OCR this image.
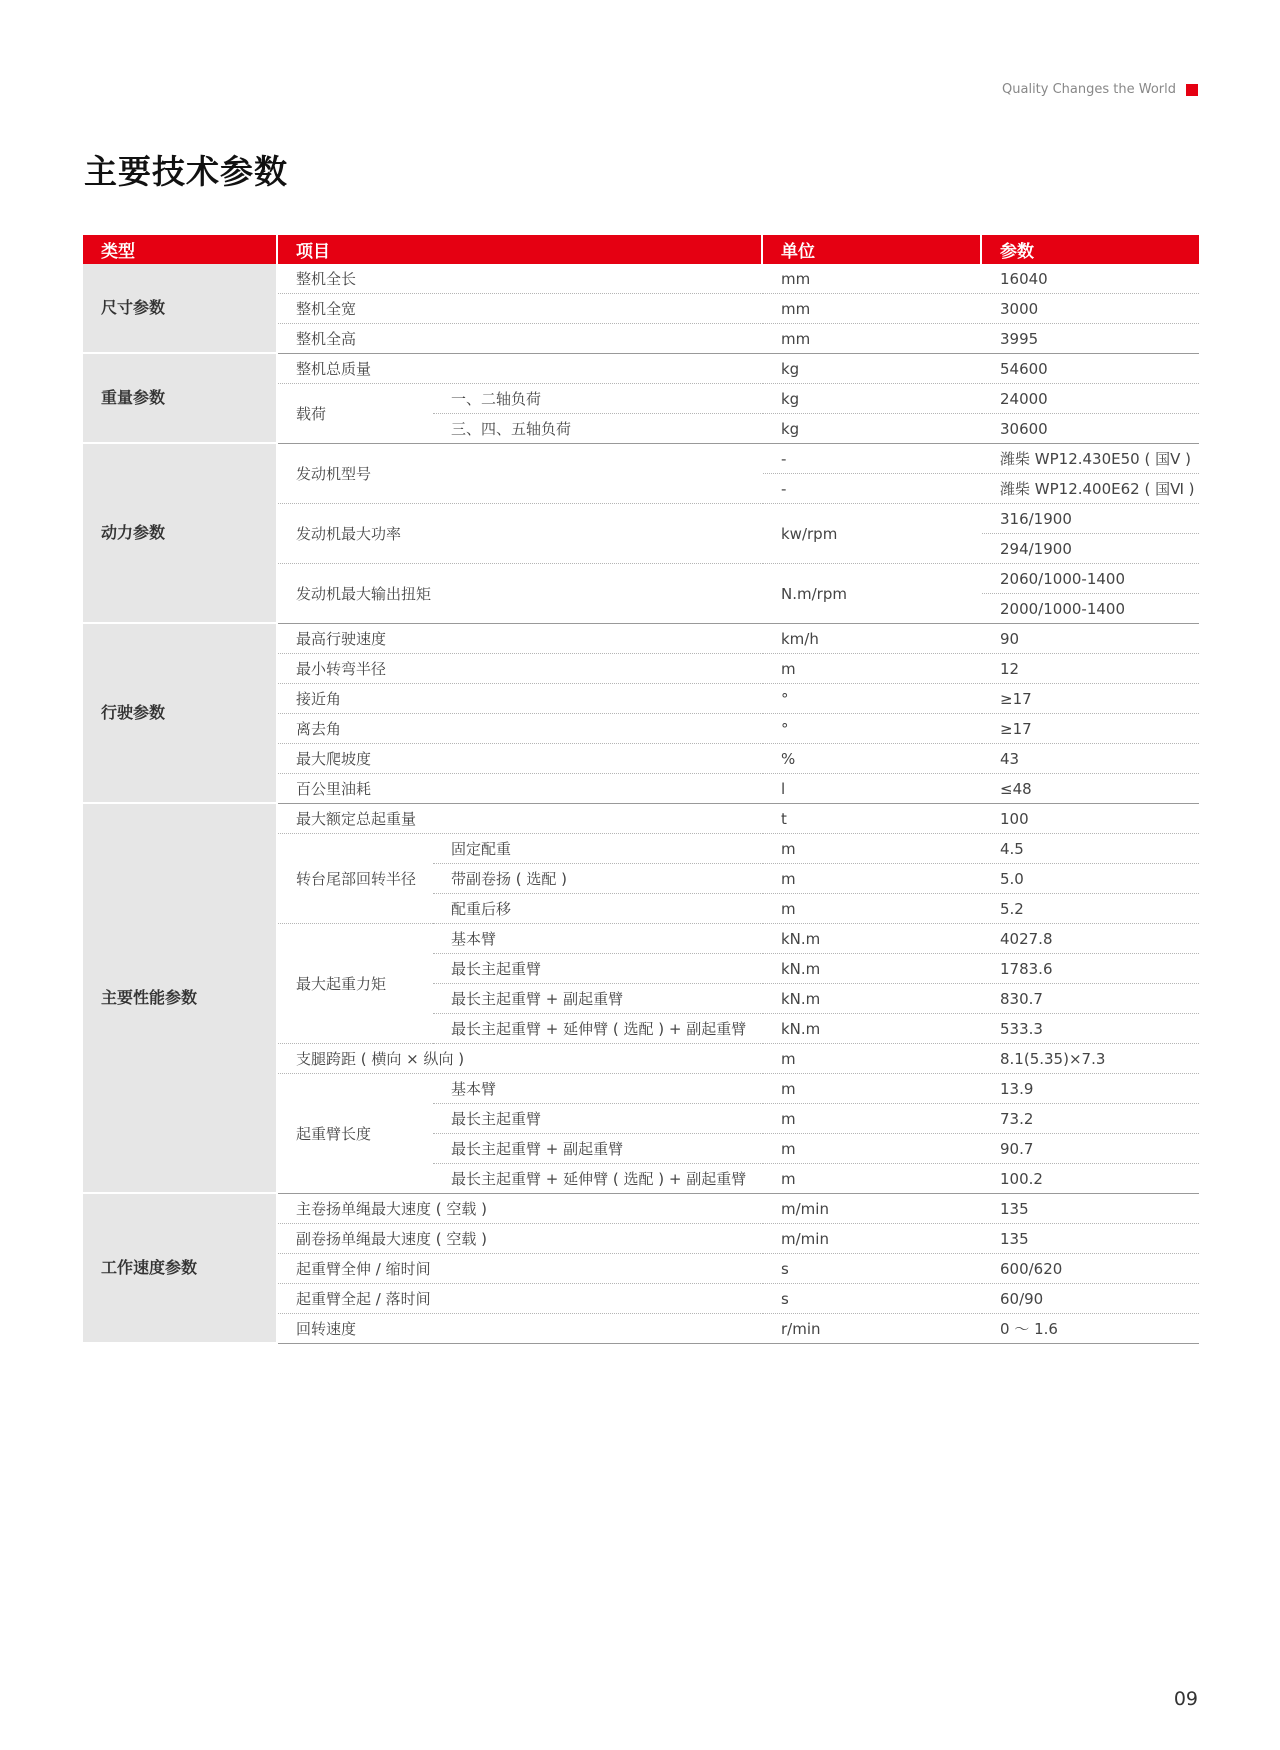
Quality Changes the World
主要技术参数
类型	项目		单位	参数
尺寸参数	整机全长		mm	16040
	整机全宽		mm	3000
	整机全高		mm	3995
重量参数	整机总质量		kg	54600
	载荷	一、二轴负荷	kg	24000
		三、四、五轴负荷	kg	30600
动力参数	发动机型号		-	潍柴 WP12.430E50 ( 国Ⅴ )
			-	潍柴 WP12.400E62 ( 国Ⅵ )
	发动机最大功率		kw/rpm	316/1900
				294/1900
	发动机最大输出扭矩		N.m/rpm	2060/1000-1400
				2000/1000-1400
行驶参数	最高行驶速度		km/h	90
	最小转弯半径		m	12
	接近角		°	≥17
	离去角		°	≥17
	最大爬坡度		%	43
	百公里油耗		l	≤48
主要性能参数	最大额定总起重量		t	100
	转台尾部回转半径	固定配重	m	4.5
		带副卷扬 ( 选配 )	m	5.0
		配重后移	m	5.2
	最大起重力矩	基本臂	kN.m	4027.8
		最长主起重臂	kN.m	1783.6
		最长主起重臂 + 副起重臂	kN.m	830.7
		最长主起重臂 + 延伸臂 ( 选配 ) + 副起重臂	kN.m	533.3
	支腿跨距 ( 横向 × 纵向 )		m	8.1(5.35)×7.3
	起重臂长度	基本臂	m	13.9
		最长主起重臂	m	73.2
		最长主起重臂 + 副起重臂	m	90.7
		最长主起重臂 + 延伸臂 ( 选配 ) + 副起重臂	m	100.2
工作速度参数	主卷扬单绳最大速度 ( 空载 )		m/min	135
	副卷扬单绳最大速度 ( 空载 )		m/min	135
	起重臂全伸 / 缩时间		s	600/620
	起重臂全起 / 落时间		s	60/90
	回转速度		r/min	0 ～ 1.6
09
